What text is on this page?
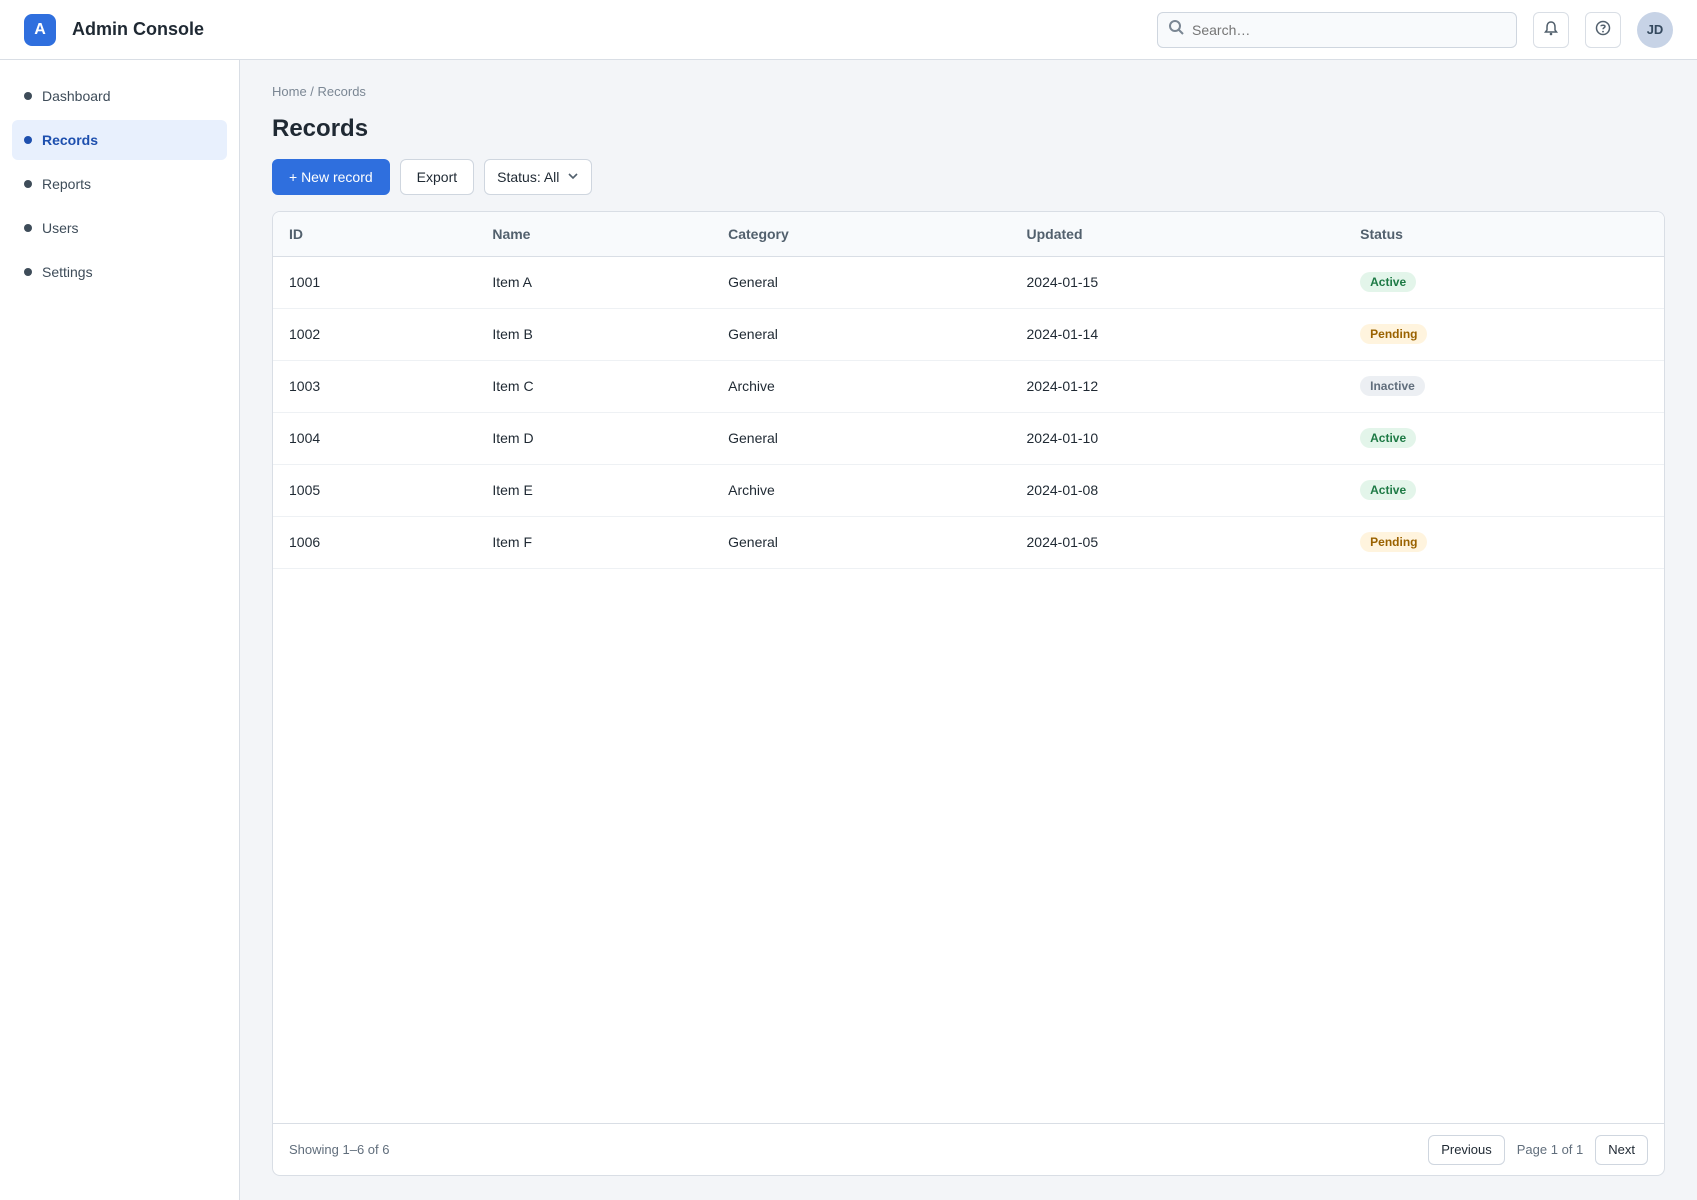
A Admin Console
Search…	JD
Dashboard
Records
Reports
Users
Settings
Home / Records
Records
+ New record	Export	Status: All
ID	Name	Category	Updated	Status
1001	Item A	General	2024-01-15	Active
1002	Item B	General	2024-01-14	Pending
1003	Item C	Archive	2024-01-12	Inactive
1004	Item D	General	2024-01-10	Active
1005	Item E	Archive	2024-01-08	Active
1006	Item F	General	2024-01-05	Pending
Showing 1–6 of 6	Previous	Page 1 of 1	Next
